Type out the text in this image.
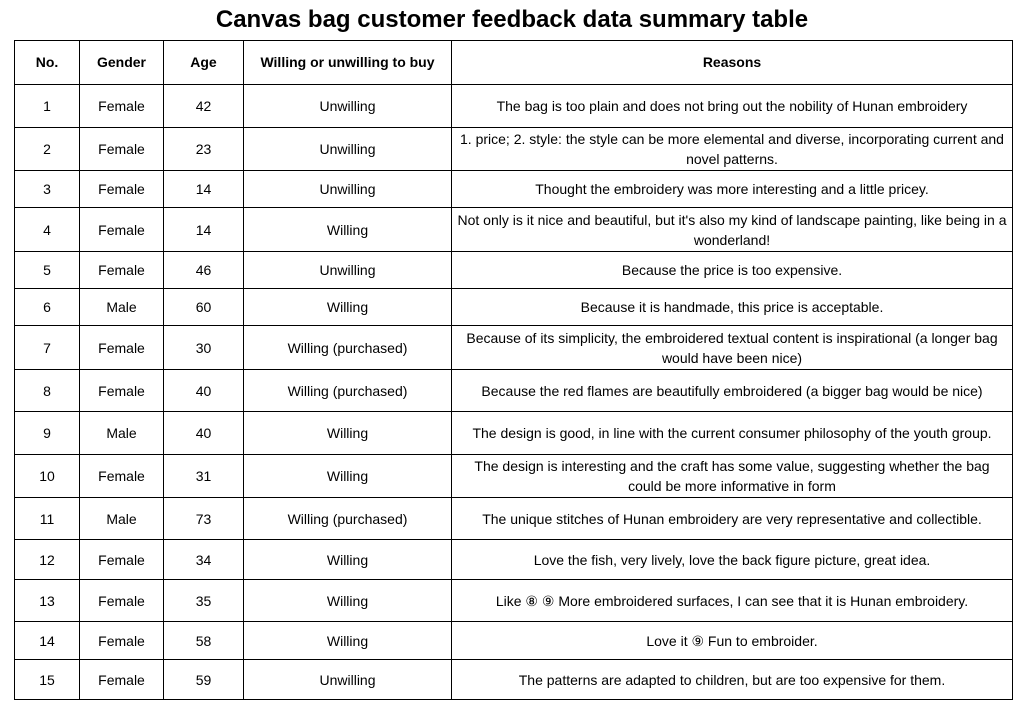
Canvas bag customer feedback data summary table
No.	Gender	Age	Willing or unwilling to buy	Reasons
1	Female	42	Unwilling	The bag is too plain and does not bring out the nobility of Hunan embroidery
2	Female	23	Unwilling	1. price; 2. style: the style can be more elemental and diverse, incorporating current and novel patterns.
3	Female	14	Unwilling	Thought the embroidery was more interesting and a little pricey.
4	Female	14	Willing	Not only is it nice and beautiful, but it's also my kind of landscape painting, like being in a wonderland!
5	Female	46	Unwilling	Because the price is too expensive.
6	Male	60	Willing	Because it is handmade, this price is acceptable.
7	Female	30	Willing (purchased)	Because of its simplicity, the embroidered textual content is inspirational (a longer bag would have been nice)
8	Female	40	Willing (purchased)	Because the red flames are beautifully embroidered (a bigger bag would be nice)
9	Male	40	Willing	The design is good, in line with the current consumer philosophy of the youth group.
10	Female	31	Willing	The design is interesting and the craft has some value, suggesting whether the bag could be more informative in form
11	Male	73	Willing (purchased)	The unique stitches of Hunan embroidery are very representative and collectible.
12	Female	34	Willing	Love the fish, very lively, love the back figure picture, great idea.
13	Female	35	Willing	Like ⑧ ⑨ More embroidered surfaces, I can see that it is Hunan embroidery.
14	Female	58	Willing	Love it ⑨ Fun to embroider.
15	Female	59	Unwilling	The patterns are adapted to children, but are too expensive for them.
